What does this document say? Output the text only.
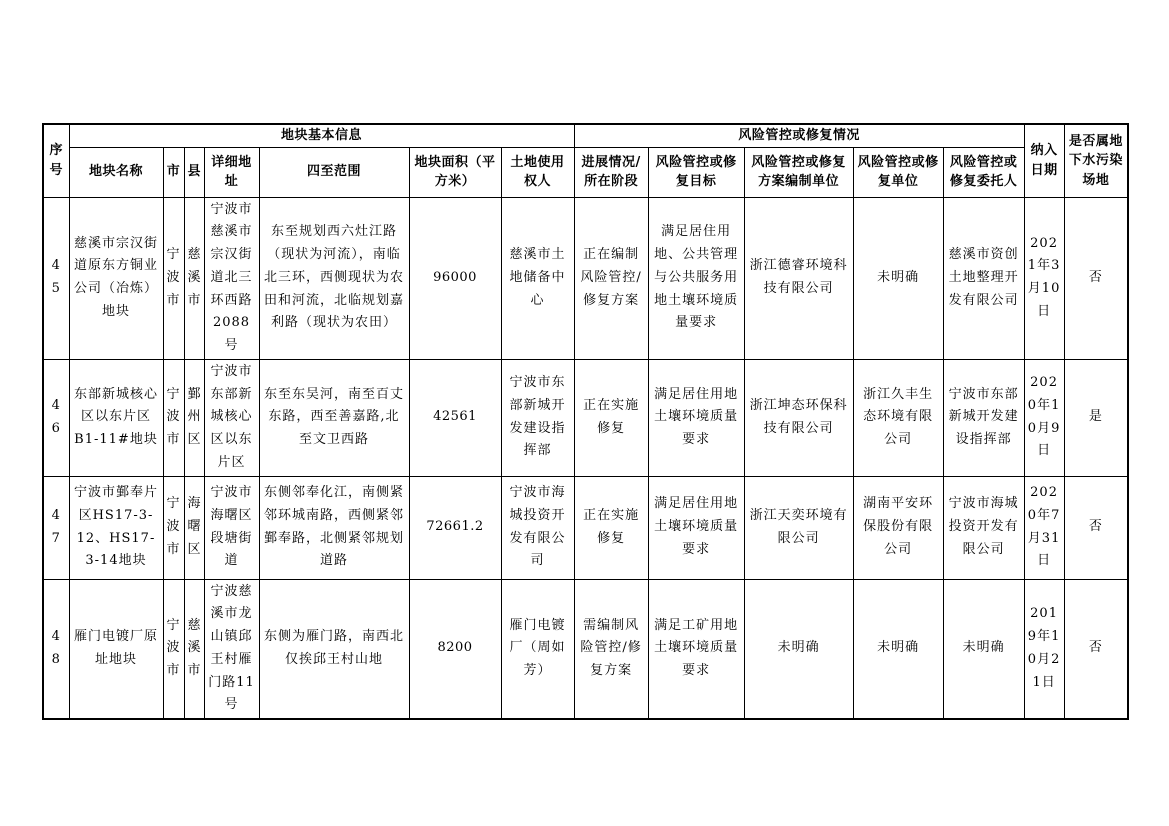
序号	地块基本信息							风险管控或修复情况					纳入日期	是否属地下水污染场地
	地块名称	市	县	详细地址	四至范围	地块面积（平方米）	土地使用权人	进展情况/所在阶段	风险管控或修复目标	风险管控或修复方案编制单位	风险管控或修复单位	风险管控或修复委托人		
45	慈溪市宗汉街道原东方铜业公司（冶炼）地块	宁波市	慈溪市	宁波市慈溪市宗汉街道北三环西路2088号	东至规划西六灶江路（现状为河流），南临北三环，西侧现状为农田和河流，北临规划嘉利路（现状为农田）	96000	慈溪市土地储备中心	正在编制风险管控/修复方案	满足居住用地、公共管理与公共服务用地土壤环境质量要求	浙江德睿环境科技有限公司	未明确	慈溪市资创土地整理开发有限公司	2021年3月10日	否
46	东部新城核心区以东片区B1-11#地块	宁波市	鄞州区	宁波市东部新城核心区以东片区	东至东吴河，南至百丈东路，西至善嘉路,北至文卫西路	42561	宁波市东部新城开发建设指挥部	正在实施修复	满足居住用地土壤环境质量要求	浙江坤态环保科技有限公司	浙江久丰生态环境有限公司	宁波市东部新城开发建设指挥部	2020年10月9日	是
47	宁波市鄞奉片区HS17-3-12、HS17-3-14地块	宁波市	海曙区	宁波市海曙区段塘街道	东侧邻奉化江，南侧紧邻环城南路，西侧紧邻鄞奉路，北侧紧邻规划道路	72661.2	宁波市海城投资开发有限公司	正在实施修复	满足居住用地土壤环境质量要求	浙江天奕环境有限公司	湖南平安环保股份有限公司	宁波市海城投资开发有限公司	2020年7月31日	否
48	雁门电镀厂原址地块	宁波市	慈溪市	宁波慈溪市龙山镇邱王村雁门路11号	东侧为雁门路，南西北仅挨邱王村山地	8200	雁门电镀厂（周如芳）	需编制风险管控/修复方案	满足工矿用地土壤环境质量要求	未明确	未明确	未明确	2019年10月21日	否
